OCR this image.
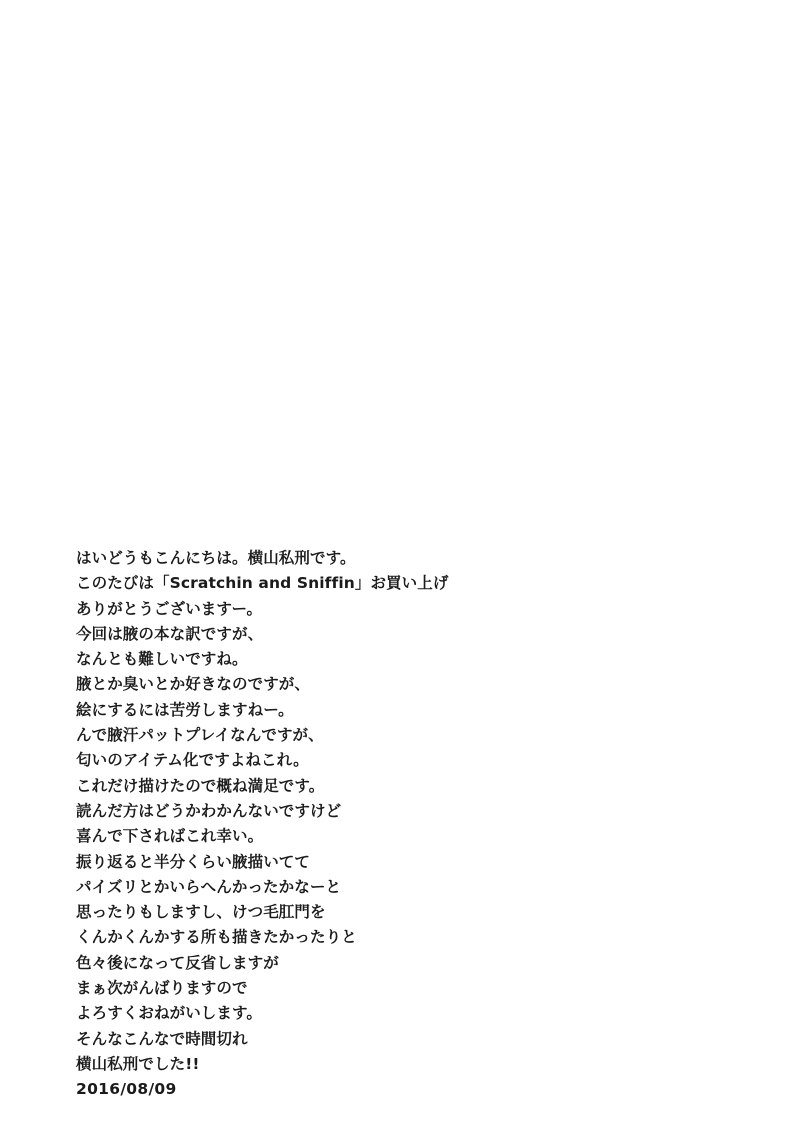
はいどうもこんにちは。横山私刑です。

このたびは「Scratchin and Sniffin」お買い上げ

ありがとうございますー。

今回は腋の本な訳ですが、

なんとも難しいですね。

腋とか臭いとか好きなのですが、

絵にするには苦労しますねー。

んで腋汗パットプレイなんですが、

匂いのアイテム化ですよねこれ。

これだけ描けたので概ね満足です。

読んだ方はどうかわかんないですけど

喜んで下さればこれ幸い。

振り返ると半分くらい腋描いてて

パイズリとかいらへんかったかなーと

思ったりもしますし、けつ毛肛門を

くんかくんかする所も描きたかったりと

色々後になって反省しますが

まぁ次がんばりますので

よろすくおねがいします。

そんなこんなで時間切れ

横山私刑でした!!

2016/08/09
